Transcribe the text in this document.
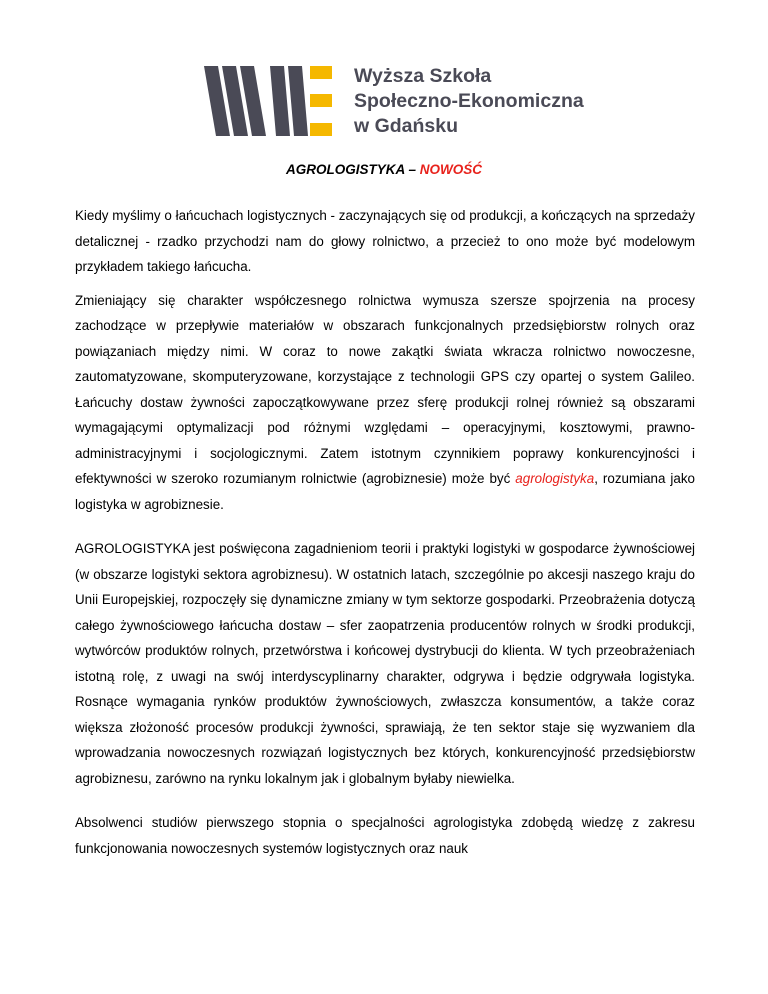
Wyższa Szkoła
Społeczno-Ekonomiczna
w Gdańsku
AGROLOGISTYKA – NOWOŚĆ

Kiedy myślimy o łańcuchach logistycznych - zaczynających się od produkcji, a kończących na sprzedaży detalicznej - rzadko przychodzi nam do głowy rolnictwo, a przecież to ono może być modelowym przykładem takiego łańcucha.

Zmieniający się charakter współczesnego rolnictwa wymusza szersze spojrzenia na procesy zachodzące w przepływie materiałów w obszarach funkcjonalnych przedsiębiorstw rolnych oraz powiązaniach między nimi. W coraz to nowe zakątki świata wkracza rolnictwo nowoczesne, zautomatyzowane, skomputeryzowane, korzystające z technologii GPS czy opartej o system Galileo. Łańcuchy dostaw żywności zapoczątkowywane przez sferę produkcji rolnej również są obszarami wymagającymi optymalizacji pod różnymi względami – operacyjnymi, kosztowymi, prawno-administracyjnymi i socjologicznymi. Zatem istotnym czynnikiem poprawy konkurencyjności i efektywności w szeroko rozumianym rolnictwie (agrobiznesie) może być agrologistyka, rozumiana jako logistyka w agrobiznesie.

AGROLOGISTYKA jest poświęcona zagadnieniom teorii i praktyki logistyki w gospodarce żywnościowej (w obszarze logistyki sektora agrobiznesu). W ostatnich latach, szczególnie po akcesji naszego kraju do Unii Europejskiej, rozpoczęły się dynamiczne zmiany w tym sektorze gospodarki. Przeobrażenia dotyczą całego żywnościowego łańcucha dostaw – sfer zaopatrzenia producentów rolnych w środki produkcji, wytwórców produktów rolnych, przetwórstwa i końcowej dystrybucji do klienta. W tych przeobrażeniach istotną rolę, z uwagi na swój interdyscyplinarny charakter, odgrywa i będzie odgrywała logistyka. Rosnące wymagania rynków produktów żywnościowych, zwłaszcza konsumentów, a także coraz większa złożoność procesów produkcji żywności, sprawiają, że ten sektor staje się wyzwaniem dla wprowadzania nowoczesnych rozwiązań logistycznych bez których, konkurencyjność przedsiębiorstw agrobiznesu, zarówno na rynku lokalnym jak i globalnym byłaby niewielka.

Absolwenci studiów pierwszego stopnia o specjalności agrologistyka zdobędą wiedzę z zakresu funkcjonowania nowoczesnych systemów logistycznych oraz nauk
